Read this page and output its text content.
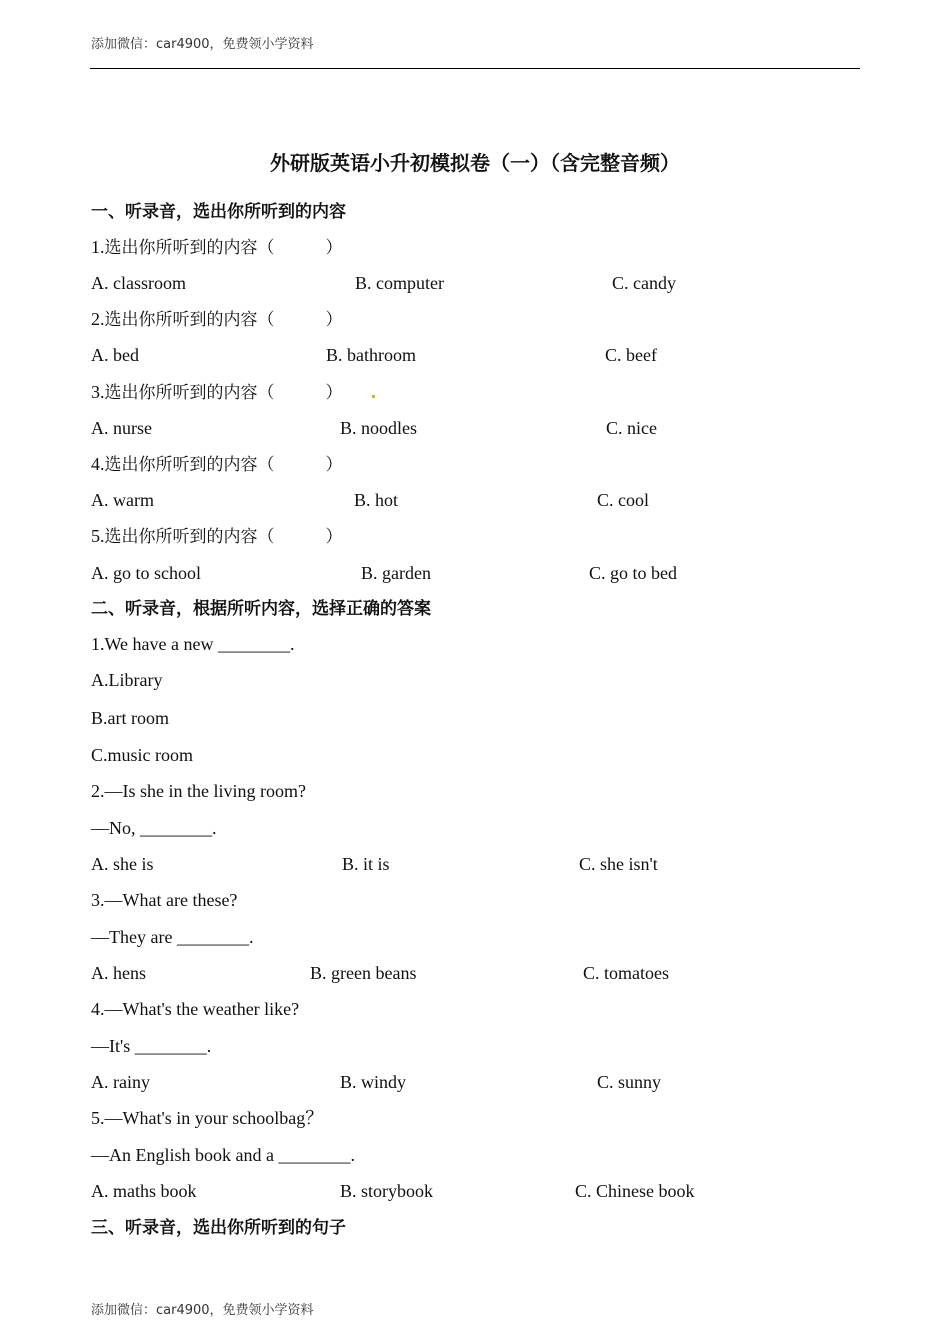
添加微信：car4900，免费领小学资料
外研版英语小升初模拟卷（一）（含完整音频）
一、听录音，选出你所听到的内容
1.选出你所听到的内容（　　　）
A. classroom	B. computer	C. candy
2.选出你所听到的内容（　　　）
A. bed	B. bathroom	C. beef
3.选出你所听到的内容（　　　）
A. nurse	B. noodles	C. nice
4.选出你所听到的内容（　　　）
A. warm	B. hot	C. cool
5.选出你所听到的内容（　　　）
A. go to school	B. garden	C. go to bed
二、听录音，根据所听内容，选择正确的答案
1.We have a new ________.
A.Library
B.art room
C.music room
2.—Is she in the living room?
—No, ________.
A. she is	B. it is	C. she isn't
3.—What are these?
—They are ________.
A. hens	B. green beans	C. tomatoes
4.—What's the weather like?
—It's ________.
A. rainy	B. windy	C. sunny
5.—What's in your schoolbag？
—An English book and a ________.
A. maths book	B. storybook	C. Chinese book
三、听录音，选出你所听到的句子
添加微信：car4900，免费领小学资料
